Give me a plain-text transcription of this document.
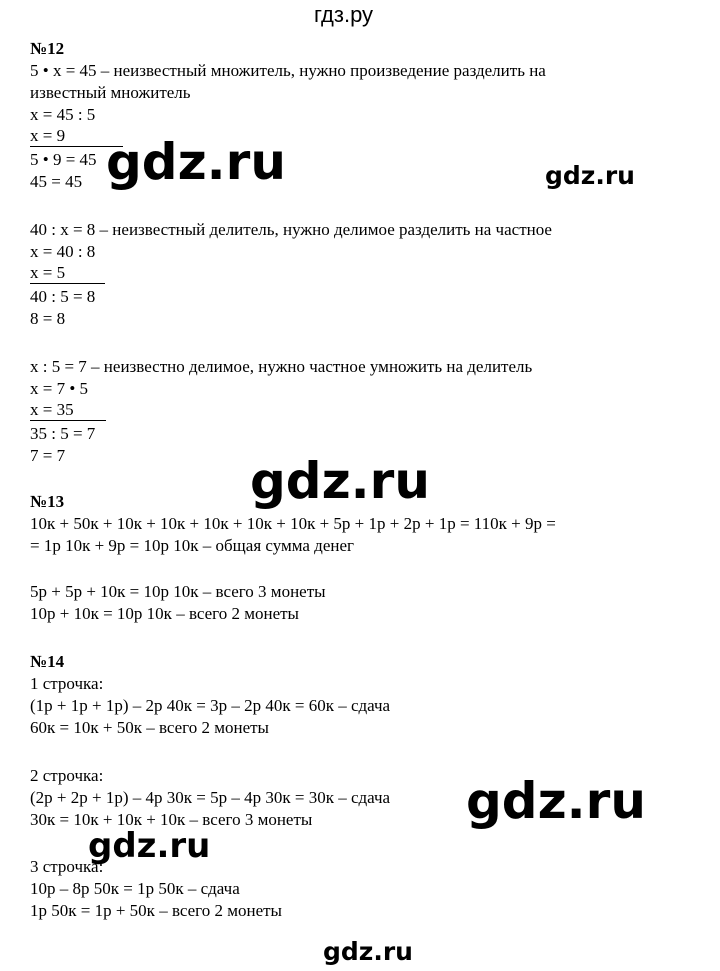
гдз.ру
№12
5 • x = 45 – неизвестный множитель, нужно произведение разделить на
известный множитель
x = 45 : 5
x = 9
5 • 9 = 45
45 = 45
40 : x = 8 – неизвестный делитель, нужно делимое разделить на частное
x = 40 : 8
x = 5
40 : 5 = 8
8 = 8
x : 5 = 7 – неизвестно делимое, нужно частное умножить на делитель
x = 7 • 5
x = 35
35 : 5 = 7
7 = 7
№13
10к + 50к + 10к + 10к + 10к + 10к + 10к + 5р + 1р + 2р + 1р = 110к + 9р =
= 1р 10к + 9р = 10р 10к – общая сумма денег
5р + 5р + 10к = 10р 10к – всего 3 монеты
10р + 10к = 10р 10к – всего 2 монеты
№14
1 строчка:
(1р + 1р + 1р) – 2р 40к = 3р – 2р 40к = 60к – сдача
60к = 10к + 50к – всего 2 монеты
2 строчка:
(2р + 2р + 1р) – 4р 30к = 5р – 4р 30к = 30к – сдача
30к = 10к + 10к + 10к – всего 3 монеты
3 строчка:
10р – 8р 50к = 1р 50к – сдача
1р 50к = 1р + 50к – всего 2 монеты
gdz.ru	gdz.ru
gdz.ru
gdz.ru
gdz.ru
gdz.ru
